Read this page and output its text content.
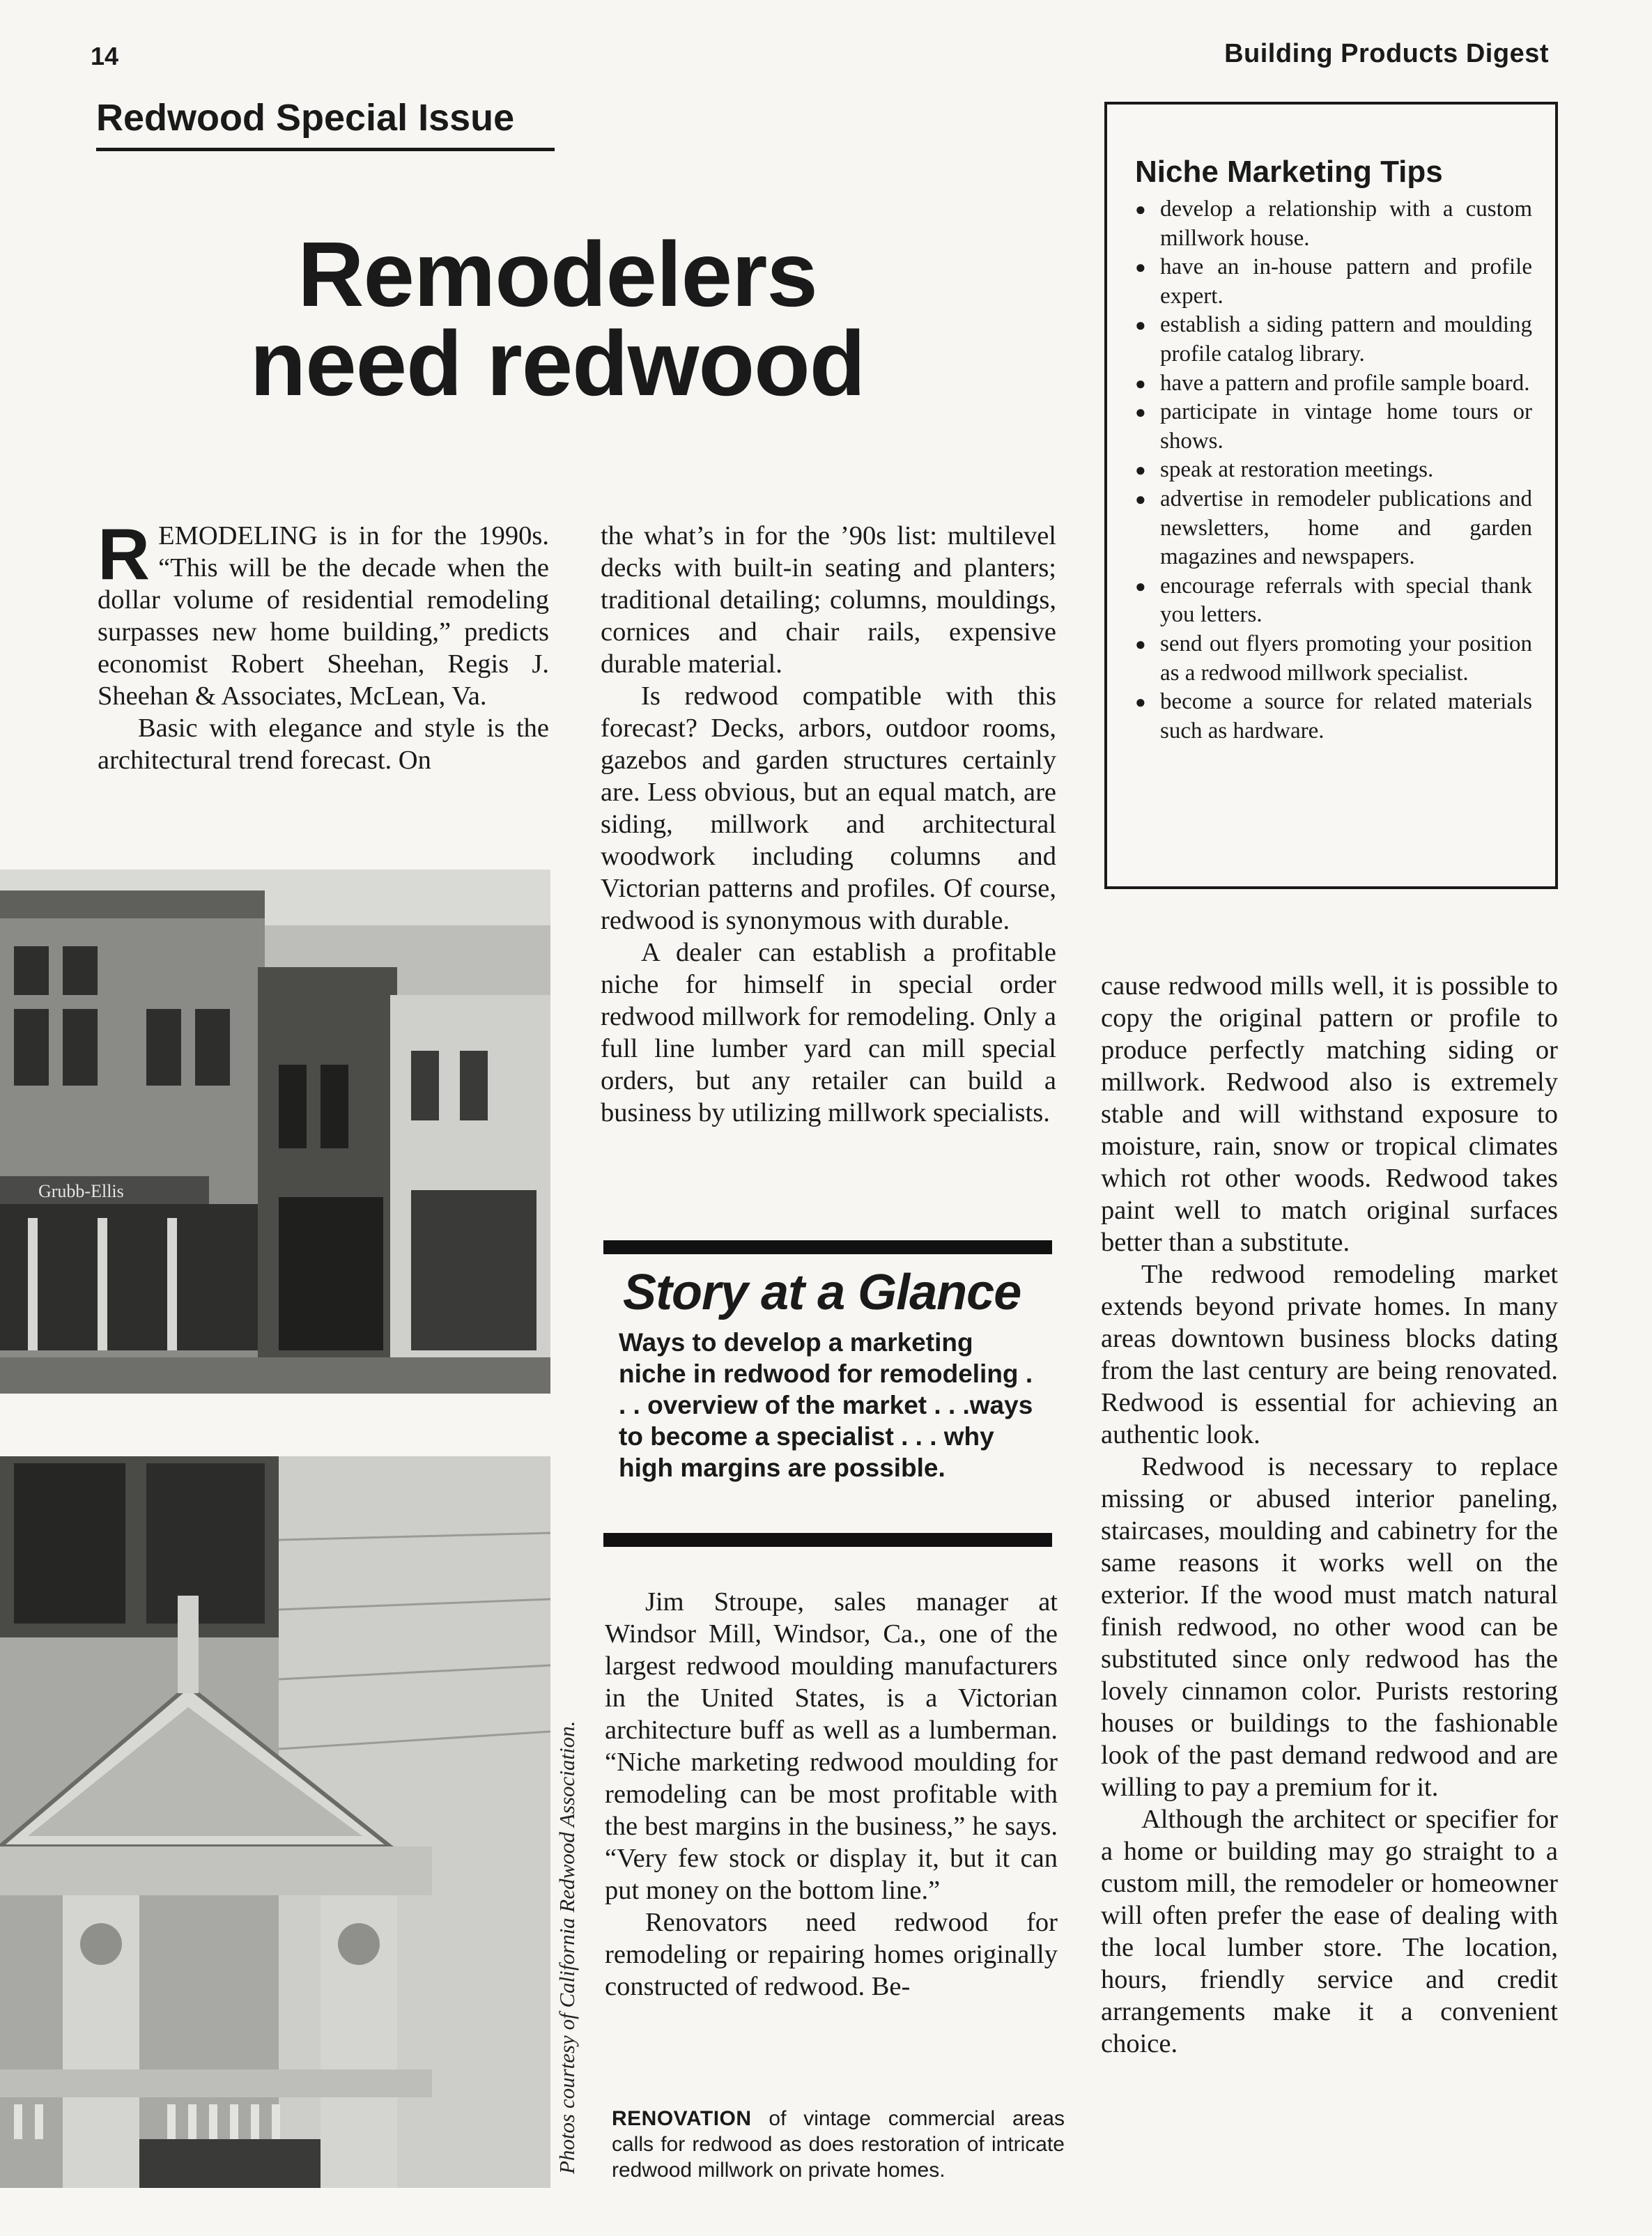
14	Building Products Digest
Redwood Special Issue
Remodelers
need redwood

REMODELING is in for the 1990s. “This will be the decade when the dollar volume of residential remodeling surpasses new home building,” predicts economist Robert Sheehan, Regis J. Sheehan & Associates, McLean, Va.

Basic with elegance and style is the architectural trend forecast. On

the what’s in for the ’90s list: multilevel decks with built-in seating and planters; traditional detailing; columns, mouldings, cornices and chair rails, expensive durable material.

Is redwood compatible with this forecast? Decks, arbors, outdoor rooms, gazebos and garden structures certainly are. Less obvious, but an equal match, are siding, millwork and architectural woodwork including columns and Victorian patterns and profiles. Of course, redwood is synonymous with durable.

A dealer can establish a profitable niche for himself in special order redwood millwork for remodeling. Only a full line lumber yard can mill special orders, but any retailer can build a business by utilizing millwork specialists.

Story at a Glance
Ways to develop a marketing niche in redwood for remodeling . . . overview of the market . . .ways to become a specialist . . . why high margins are possible.

Jim Stroupe, sales manager at Windsor Mill, Windsor, Ca., one of the largest redwood moulding manufacturers in the United States, is a Victorian architecture buff as well as a lumberman. “Niche marketing redwood moulding for remodeling can be most profitable with the best margins in the business,” he says. “Very few stock or display it, but it can put money on the bottom line.”

Renovators need redwood for remodeling or repairing homes originally constructed of redwood. Be-

RENOVATION of vintage commercial areas calls for redwood as does restoration of intricate redwood millwork on private homes.
Niche Marketing Tips
● develop a relationship with a custom millwork house.
● have an in-house pattern and profile expert.
● establish a siding pattern and moulding profile catalog library.
● have a pattern and profile sample board.
● participate in vintage home tours or shows.
● speak at restoration meetings.
● advertise in remodeler publications and newsletters, home and garden magazines and newspapers.
● encourage referrals with special thank you letters.
● send out flyers promoting your position as a redwood millwork specialist.
● become a source for related materials such as hardware.

cause redwood mills well, it is possible to copy the original pattern or profile to produce perfectly matching siding or millwork. Redwood also is extremely stable and will withstand exposure to moisture, rain, snow or tropical climates which rot other woods. Redwood takes paint well to match original surfaces better than a substitute.

The redwood remodeling market extends beyond private homes. In many areas downtown business blocks dating from the last century are being renovated. Redwood is essential for achieving an authentic look.

Redwood is necessary to replace missing or abused interior paneling, staircases, moulding and cabinetry for the same reasons it works well on the exterior. If the wood must match natural finish redwood, no other wood can be substituted since only redwood has the lovely cinnamon color. Purists restoring houses or buildings to the fashionable look of the past demand redwood and are willing to pay a premium for it.

Although the architect or specifier for a home or building may go straight to a custom mill, the remodeler or homeowner will often prefer the ease of dealing with the local lumber store. The location, hours, friendly service and credit arrangements make it a convenient choice.

Grubb-Ellis
Photos courtesy of California Redwood Association.
